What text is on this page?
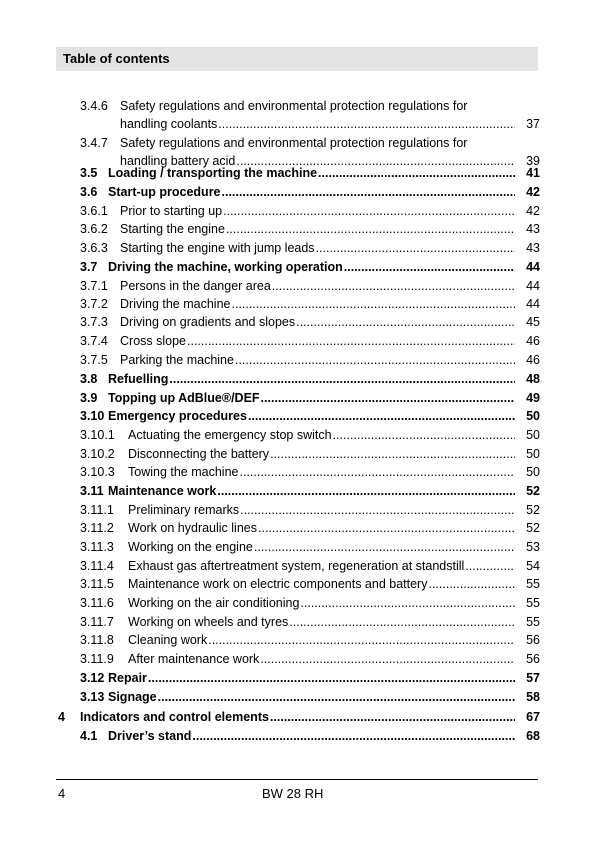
Table of contents
3.4.6 Safety regulations and environmental protection regulations for
handling coolants .....	37
3.4.7 Safety regulations and environmental protection regulations for
handling battery acid .....	39
3.5 Loading / transporting the machine .....	41
3.6 Start-up procedure .....	42
3.6.1 Prior to starting up .....	42
3.6.2 Starting the engine .....	43
3.6.3 Starting the engine with jump leads .....	43
3.7 Driving the machine, working operation .....	44
3.7.1 Persons in the danger area .....	44
3.7.2 Driving the machine .....	44
3.7.3 Driving on gradients and slopes .....	45
3.7.4 Cross slope .....	46
3.7.5 Parking the machine .....	46
3.8 Refuelling .....	48
3.9 Topping up AdBlue®/DEF .....	49
3.10 Emergency procedures .....	50
3.10.1	Actuating the emergency stop switch .....	50
3.10.2	Disconnecting the battery .....	50
3.10.3	Towing the machine .....	50
3.11 Maintenance work .....	52
3.11.1	Preliminary remarks .....	52
3.11.2	Work on hydraulic lines .....	52
3.11.3	Working on the engine .....	53
3.11.4	Exhaust gas aftertreatment system, regeneration at standstill .....	54
3.11.5	Maintenance work on electric components and battery .....	55
3.11.6	Working on the air conditioning .....	55
3.11.7	Working on wheels and tyres .....	55
3.11.8	Cleaning work .....	56
3.11.9	After maintenance work .....	56
3.12 Repair .....	57
3.13 Signage .....	58
4 Indicators and control elements .....	67
4.1 Driver’s stand .....	68
4	BW 28 RH
